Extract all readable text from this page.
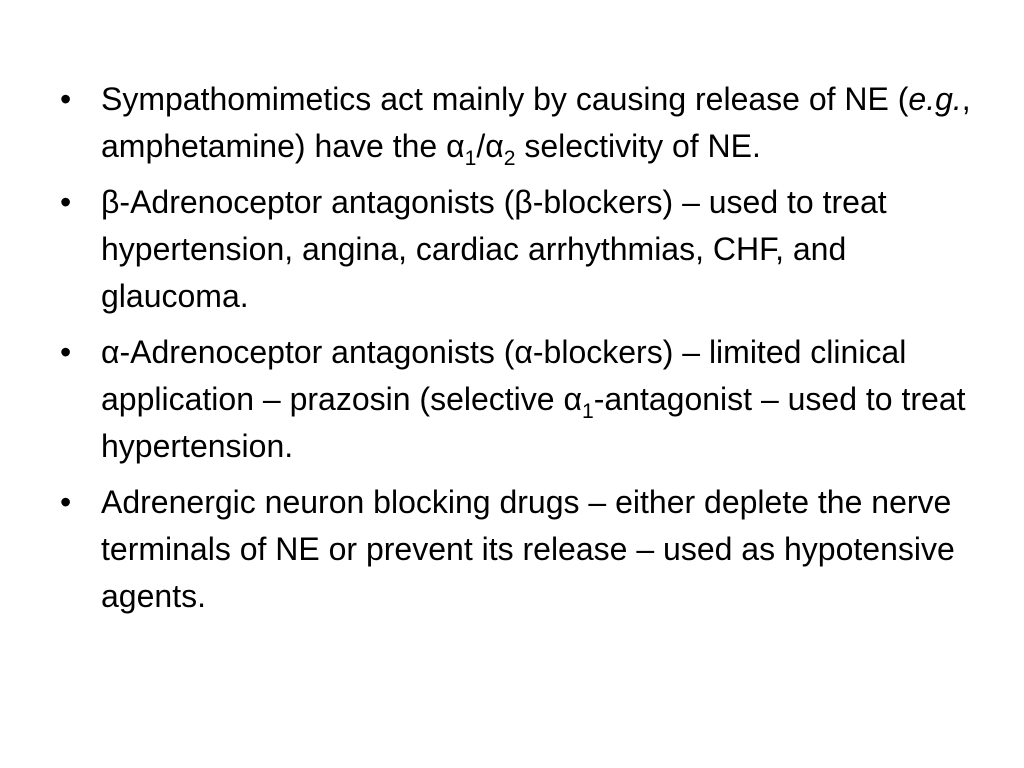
• Sympathomimetics act mainly by causing release of NE (e.g., amphetamine) have the $\alpha_1/\alpha_2$ selectivity of NE.
• β-Adrenoceptor antagonists (β-blockers) – used to treat hypertension, angina, cardiac arrhythmias, CHF, and glaucoma.
• α-Adrenoceptor antagonists (α-blockers) – limited clinical application – prazosin (selective $\alpha_1$-antagonist – used to treat hypertension.
• Adrenergic neuron blocking drugs – either deplete the nerve terminals of NE or prevent its release – used as hypotensive agents.
